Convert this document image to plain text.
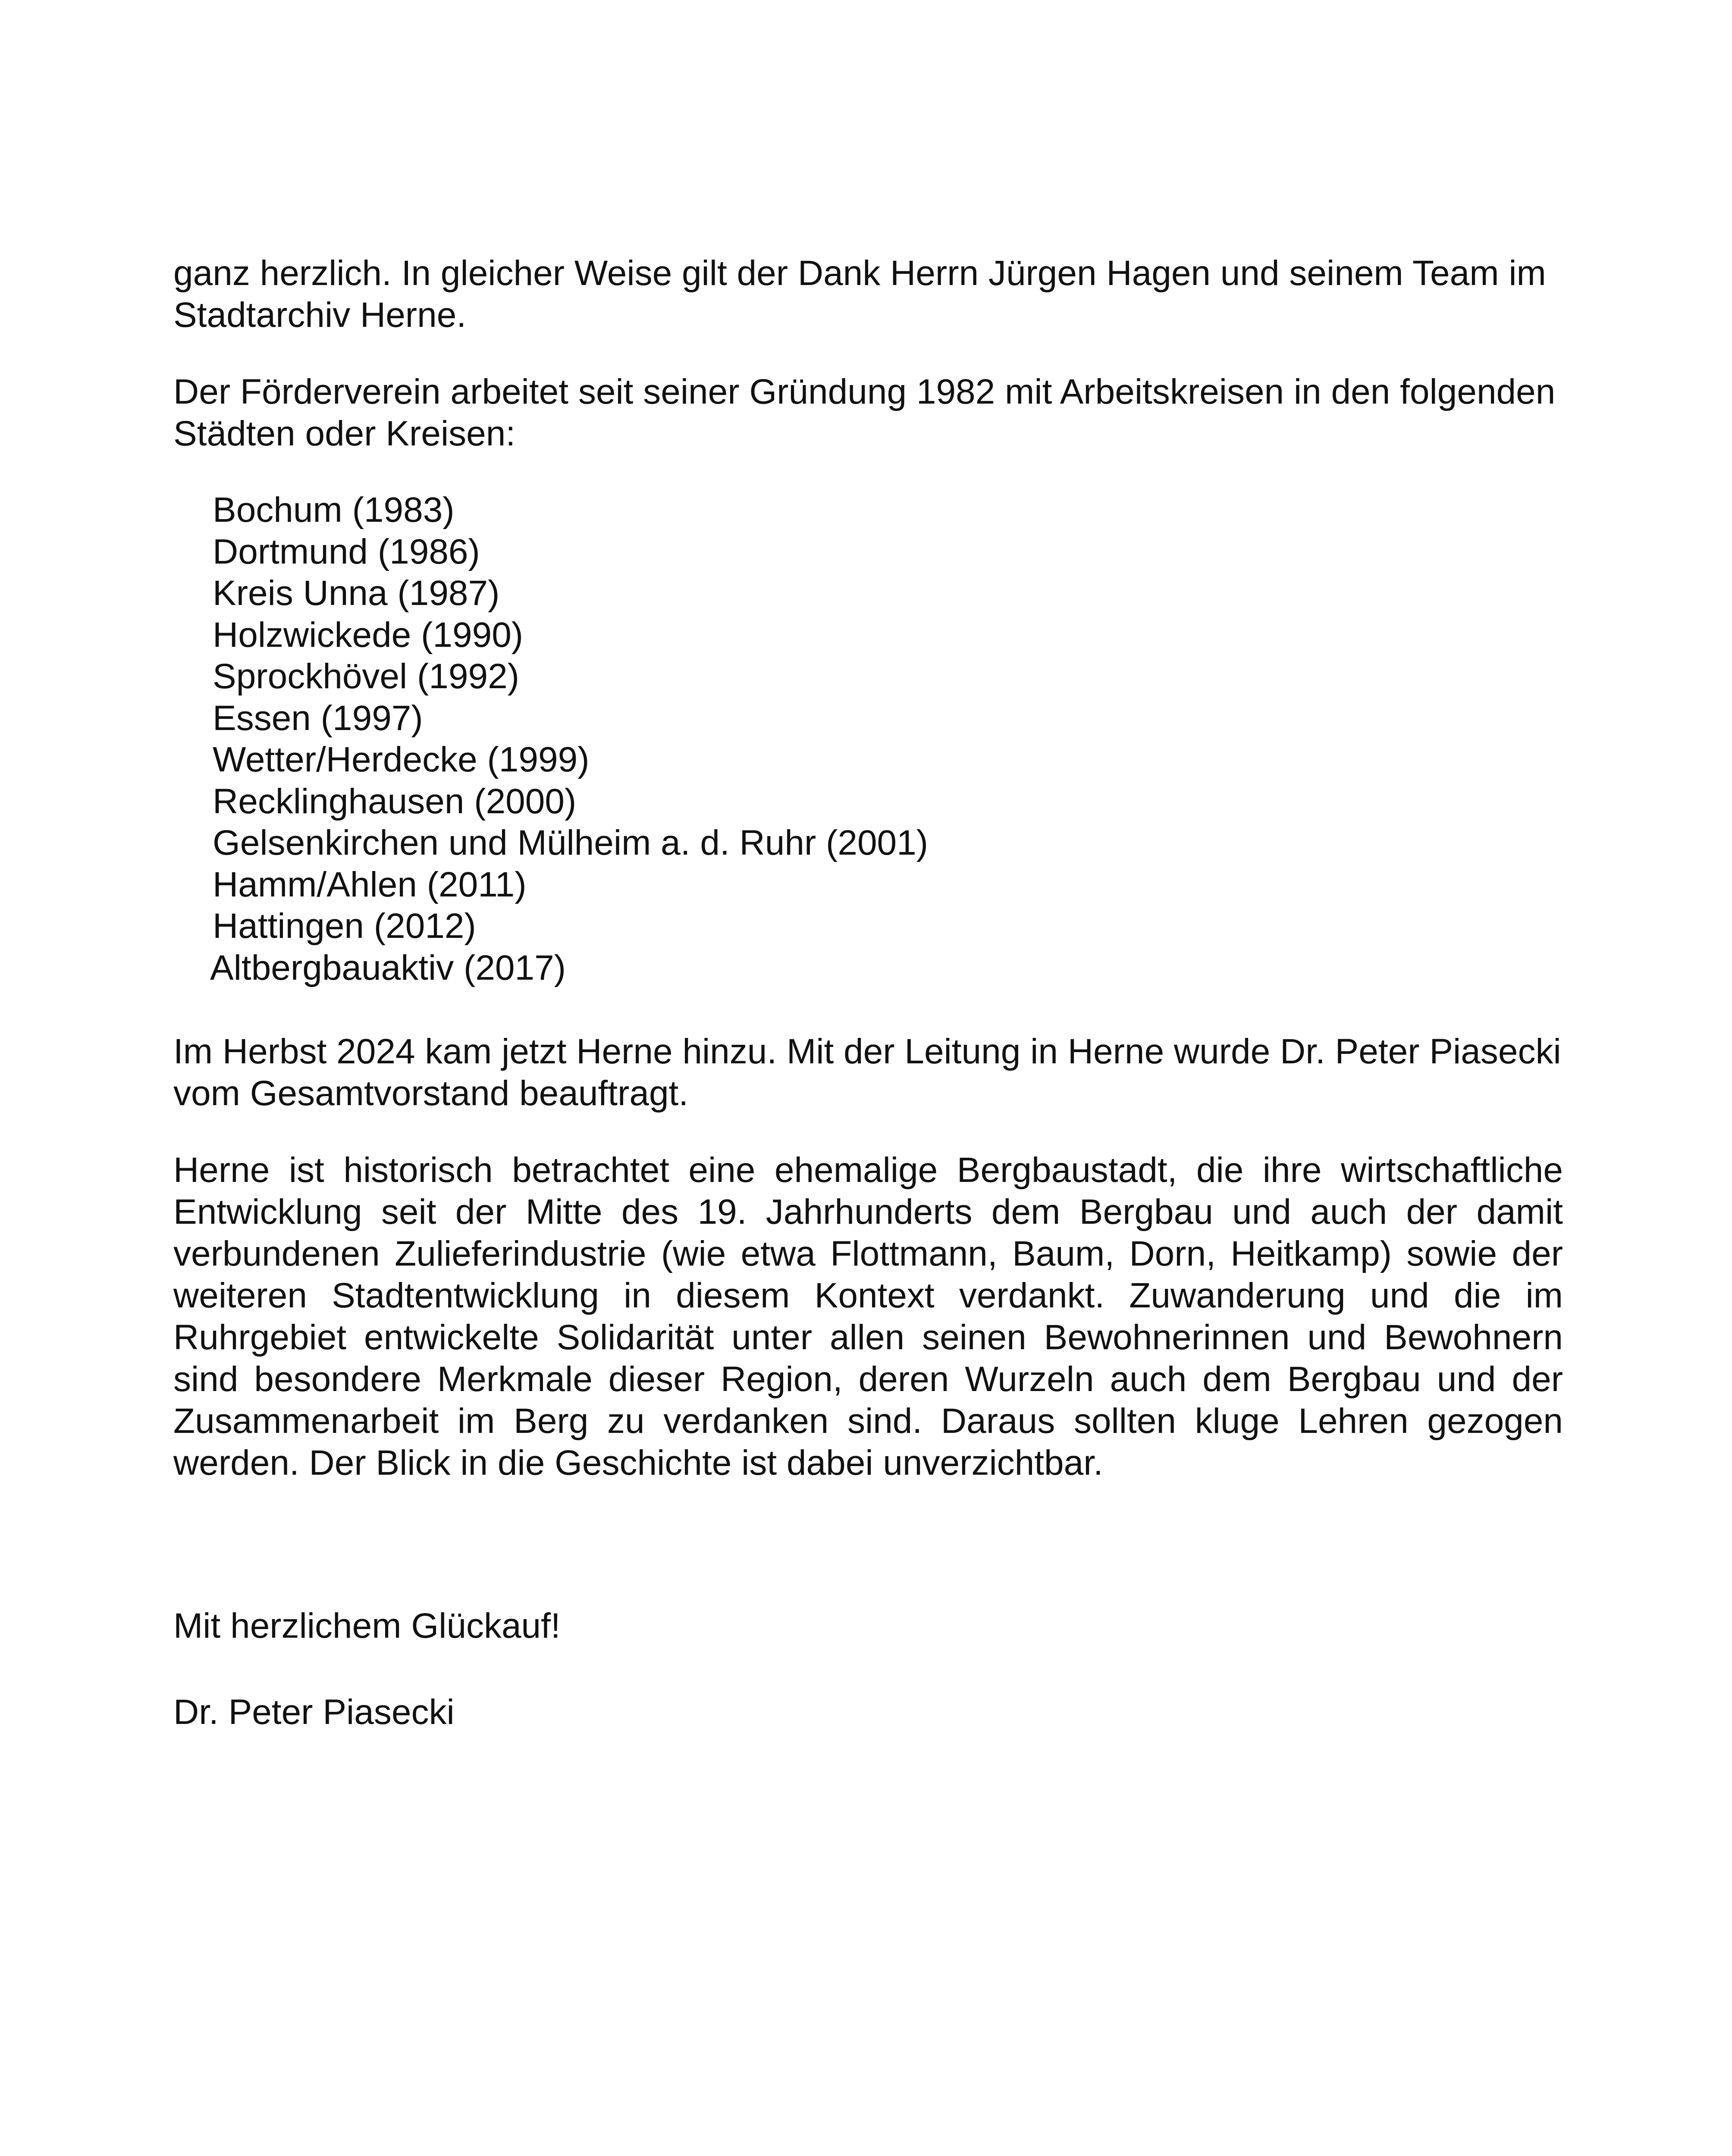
ganz herzlich. In gleicher Weise gilt der Dank Herrn Jürgen Hagen und seinem Team im Stadtarchiv Herne.

Der Förderverein arbeitet seit seiner Gründung 1982 mit Arbeitskreisen in den folgenden Städten oder Kreisen:

Bochum (1983)
Dortmund (1986)
Kreis Unna (1987)
Holzwickede (1990)
Sprockhövel (1992)
Essen (1997)
Wetter/Herdecke (1999)
Recklinghausen (2000)
Gelsenkirchen und Mülheim a. d. Ruhr (2001)
Hamm/Ahlen (2011)
Hattingen (2012)
Altbergbauaktiv (2017)

Im Herbst 2024 kam jetzt Herne hinzu. Mit der Leitung in Herne wurde Dr. Peter Piasecki vom Gesamtvorstand beauftragt.

Herne ist historisch betrachtet eine ehemalige Bergbaustadt, die ihre wirtschaftliche Entwicklung seit der Mitte des 19. Jahrhunderts dem Bergbau und auch der damit verbundenen Zulieferindustrie (wie etwa Flottmann, Baum, Dorn, Heitkamp) sowie der weiteren Stadtentwicklung in diesem Kontext verdankt. Zuwanderung und die im Ruhrgebiet entwickelte Solidarität unter allen seinen Bewohnerinnen und Bewohnern sind besondere Merkmale dieser Region, deren Wurzeln auch dem Bergbau und der Zusammenarbeit im Berg zu verdanken sind. Daraus sollten kluge Lehren gezogen werden. Der Blick in die Geschichte ist dabei unverzichtbar.

Mit herzlichem Glückauf!

Dr. Peter Piasecki
